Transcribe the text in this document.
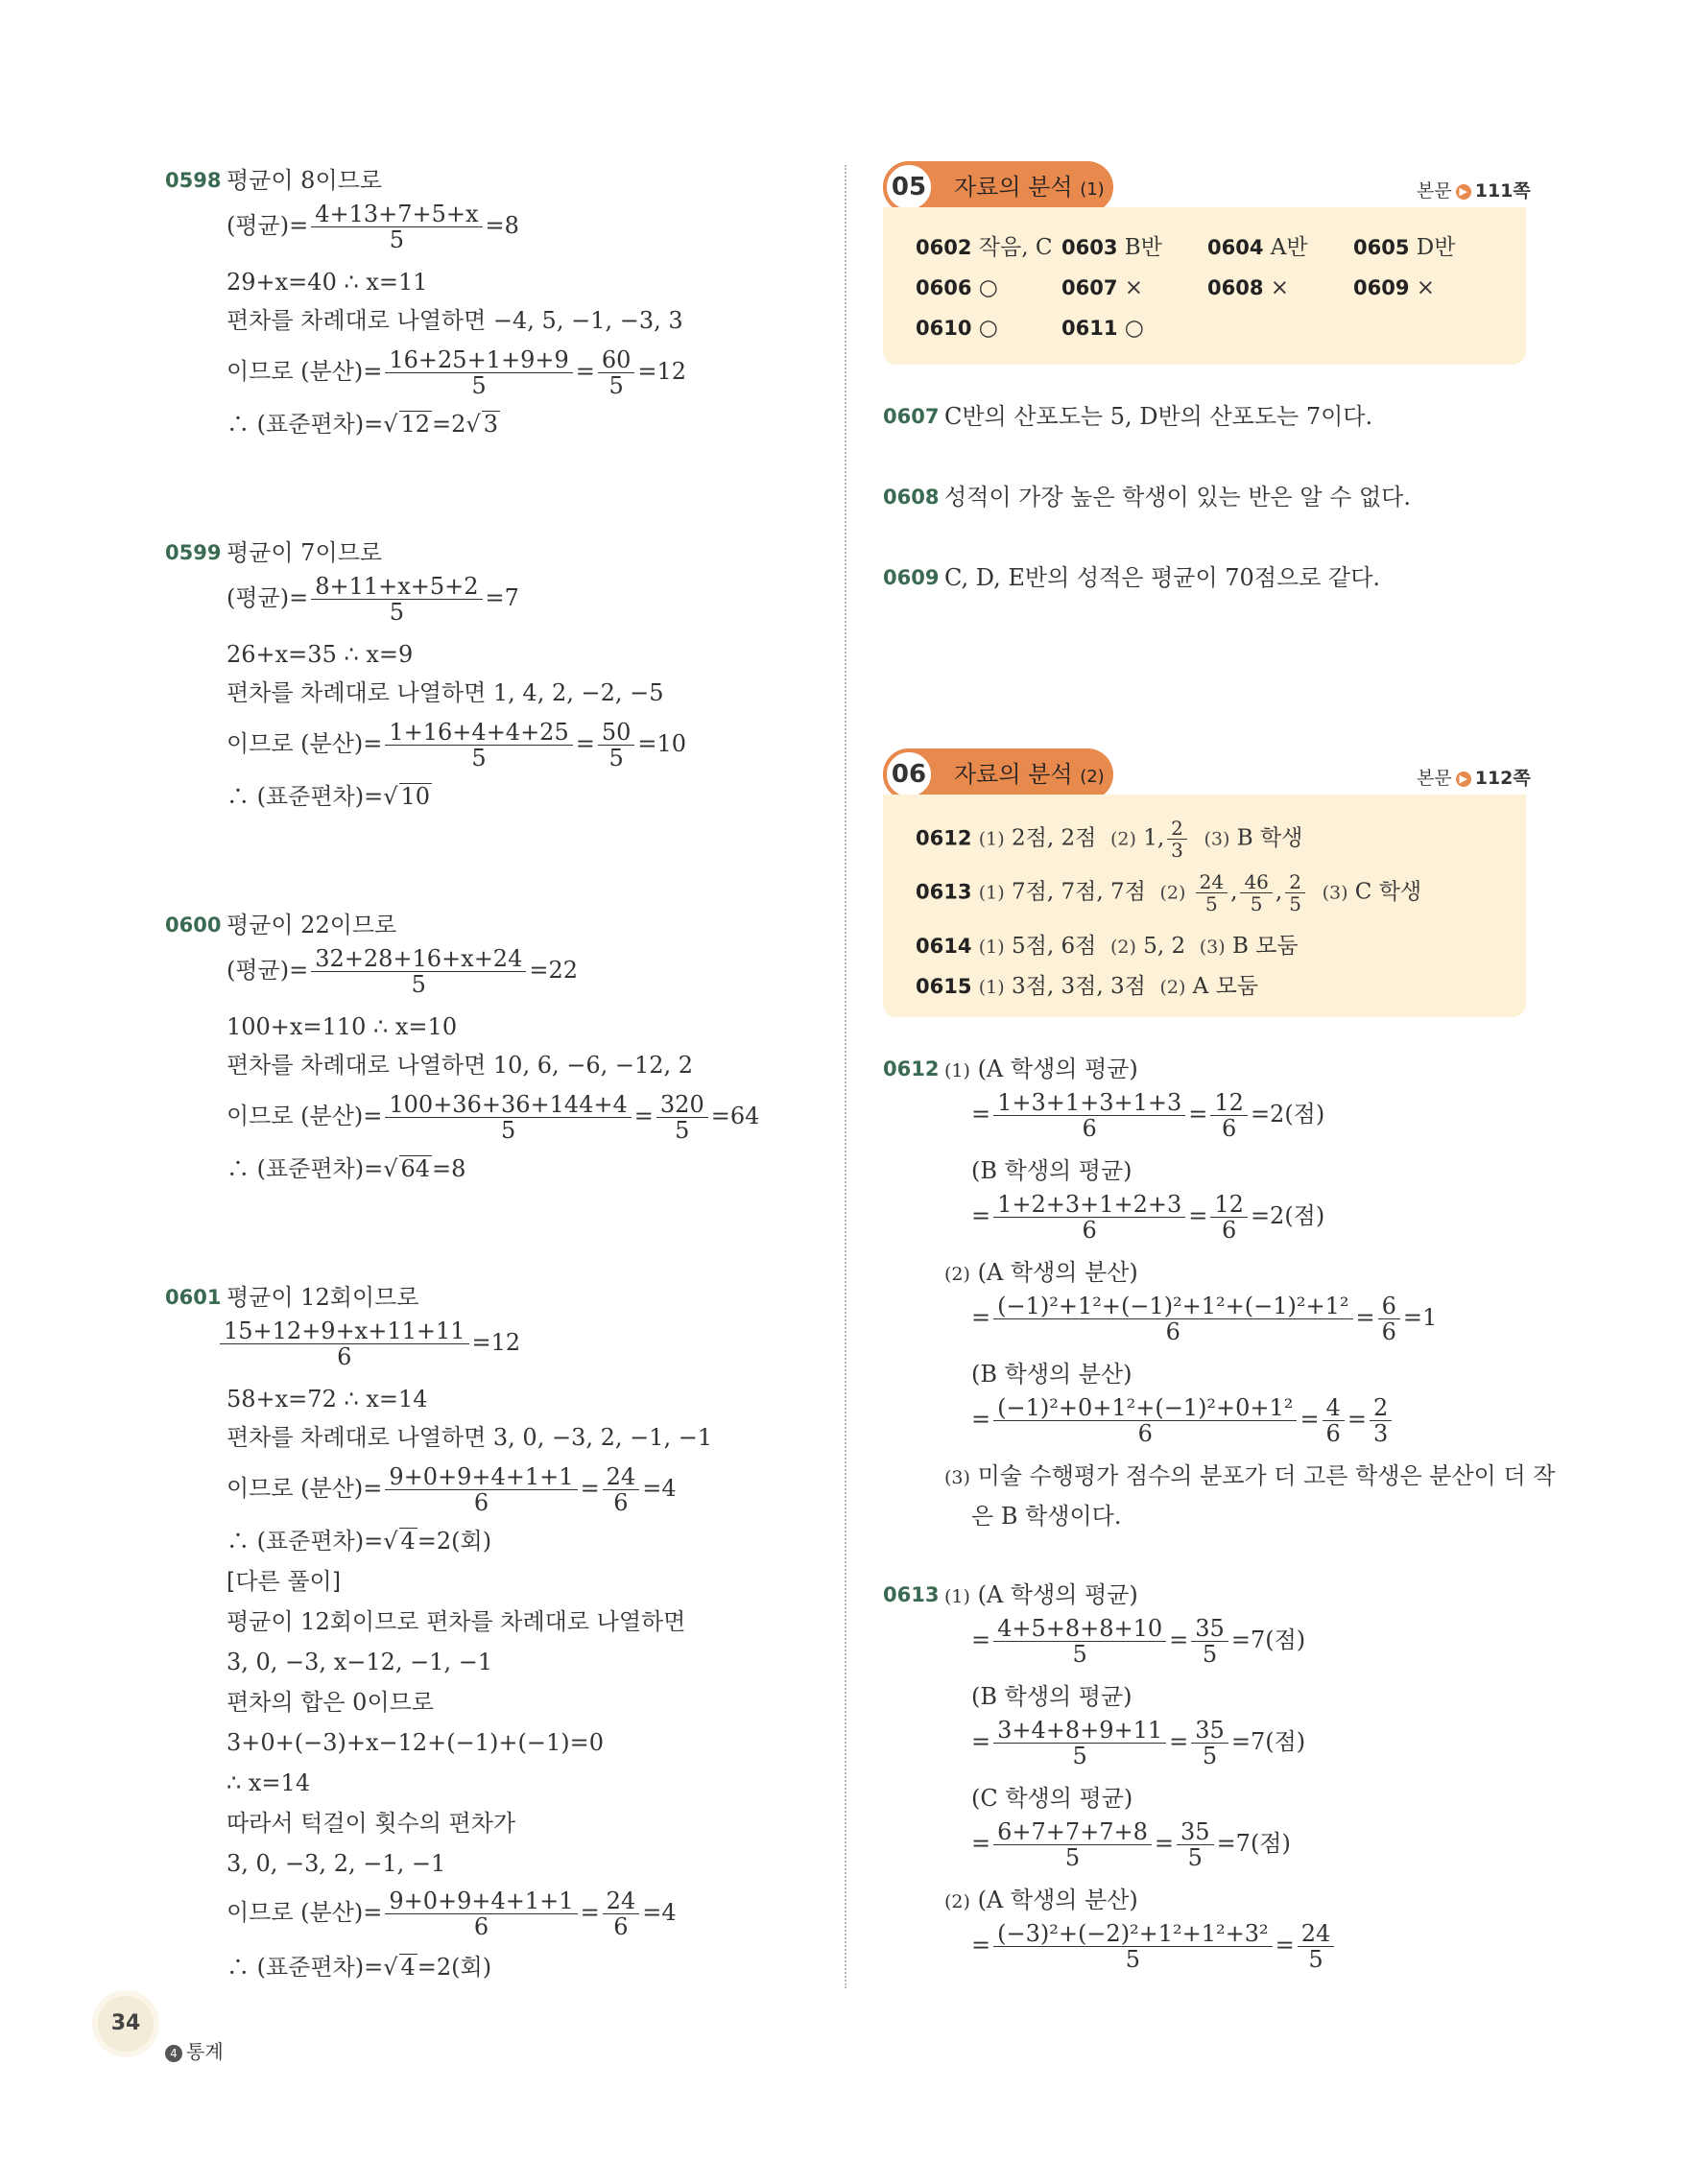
0598 평균이 8이므로
(평균)= $\frac{4+13+7+5+x}{5} =8$
29+x=40 ∴ x=11
편차를 차례대로 나열하면 −4, 5, −1, −3, 3
이므로 (분산)= $\frac{16+25+1+9+9}{5} = \frac{60}{5} =12$
∴ (표준편차)=√ 12=2√ 3
0599 평균이 7이므로
(평균)= $\frac{8+11+x+5+2}{5} =7$
26+x=35 ∴ x=9
편차를 차례대로 나열하면 1, 4, 2, −2, −5
이므로 (분산)= $\frac{1+16+4+4+25}{5} = \frac{50}{5} =10$
∴ (표준편차)=√ 10
0600 평균이 22이므로
(평균)= $\frac{32+28+16+x+24}{5} =22$
100+x=110 ∴ x=10
편차를 차례대로 나열하면 10, 6, −6, −12, 2
이므로 (분산)= $\frac{100+36+36+144+4}{5} = \frac{320}{5} =64$
∴ (표준편차)=√ 64=8
0601 평균이 12회이므로
$\frac{15+12+9+x+11+11}{6} =12$
58+x=72 ∴ x=14
편차를 차례대로 나열하면 3, 0, −3, 2, −1, −1
이므로 (분산)= $\frac{9+0+9+4+1+1}{6} = \frac{24}{6} =4$
∴ (표준편차)=√ 4=2(회)
[다른 풀이]
평균이 12회이므로 편차를 차례대로 나열하면
3, 0, −3, x−12, −1, −1
편차의 합은 0이므로
3+0+(−3)+x−12+(−1)+(−1)=0
∴ x=14
따라서 턱걸이 횟수의 편차가
3, 0, −3, 2, −1, −1
이므로 (분산)= $\frac{9+0+9+4+1+1}{6} = \frac{24}{6} =4$
∴ (표준편차)=√ 4=2(회)
05	자료의 분석 (1)	본문 ▶ 111쪽
0602 작음, C 0603 B반 0604 A반 0605 D반
0606 ○	0607 ×	0608 ×	0609 ×
0610 ○	0611 ○
0607 C반의 산포도는 5, D반의 산포도는 7이다.
0608 성적이 가장 높은 학생이 있는 반은 알 수 없다.
0609 C, D, E반의 성적은 평균이 70점으로 같다.
06	자료의 분석 (2)	본문 ▶ 112쪽
0612 (1) 2점, 2점 (2) 1, $\frac{2}{3} (3)$ B 학생
0613 (1) 7점, 7점, 7점 $(2) \frac{24}{5}$ , $\frac{46}{5}$ , $\frac{2}{5} (3)$ C 학생
0614 (1) 5점, 6점 (2) 5, 2 (3) B 모둠
0615 (1) 3점, 3점, 3점 (2) A 모둠
0612 (1) (A 학생의 평균)
= $\frac{1+3+1+3+1+3}{6} = \frac{12}{6} =2$(점)
(B 학생의 평균)
= $\frac{1+2+3+1+2+3}{6} = \frac{12}{6} =2$(점)
(2) (A 학생의 분산)
= $\frac{\text{(−1)²+1²+(−1)²+1²+(−1)²+1²}}{6} = \frac{6}{6} =1$
(B 학생의 분산)
= $\frac{\text{(−1)²+0+1²+(−1)²+0+1²}}{6} = \frac{4}{6} = \frac{2}{3}$
(3) 미술 수행평가 점수의 분포가 더 고른 학생은 분산이 더 작
은 B 학생이다.
0613 (1) (A 학생의 평균)
= $\frac{4+5+8+8+10}{5} = \frac{35}{5} =7$(점)
(B 학생의 평균)
= $\frac{3+4+8+9+11}{5} = \frac{35}{5} =7$(점)
(C 학생의 평균)
= $\frac{6+7+7+7+8}{5} = \frac{35}{5} =7$(점)
(2) (A 학생의 분산)
= $\frac{\text{(−3)²+(−2)²+1²+1²+3²}}{5} = \frac{24}{5}$
34
4 통계
